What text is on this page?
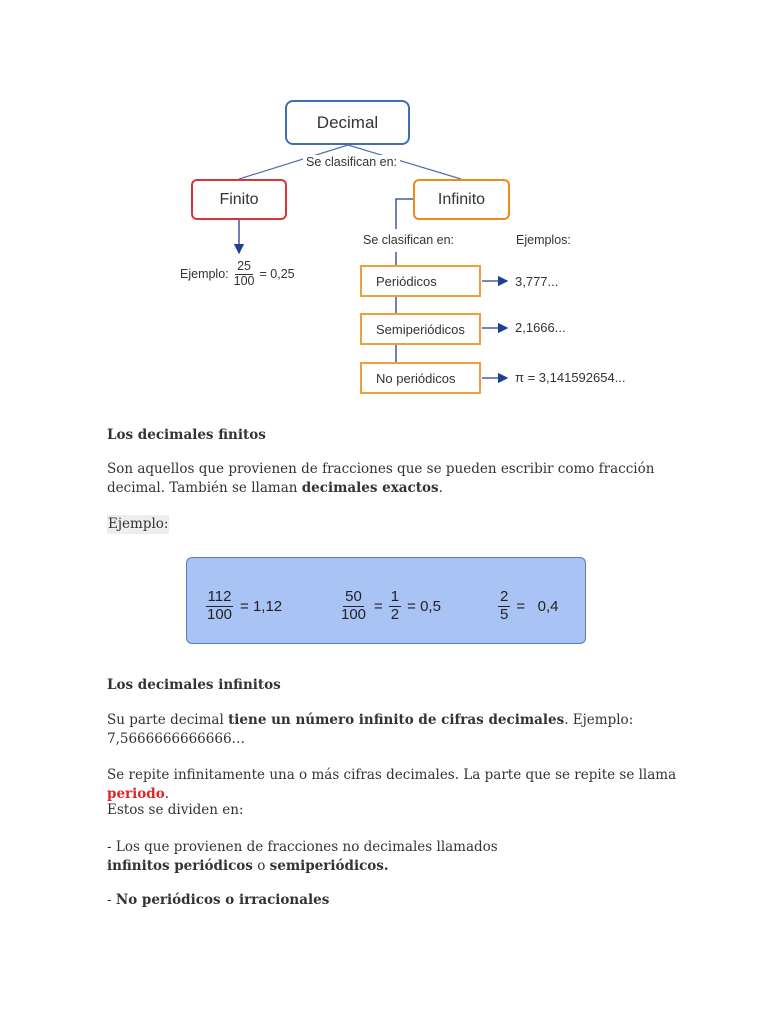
Decimal
Se clasifican en:
Finito	Infinito
Ejemplo: $\frac{25}{100} = 0,25$
Se clasifican en:	Ejemplos:
Periódicos
Semiperiódicos
No periódicos
3,777...
2,1666...
π = 3,141592654...
Los decimales finitos
Son aquellos que provienen de fracciones que se pueden escribir como fracción decimal. También se llaman decimales exactos.
Ejemplo:
$\frac{112}{100} = 1,12$	$\frac{50}{100} = \frac{1}{2} = 0,5$	$\frac{2}{5} = 0,4$
Los decimales infinitos
Su parte decimal tiene un número infinito de cifras decimales. Ejemplo: 7,5666666666666…
Se repite infinitamente una o más cifras decimales. La parte que se repite se llama periodo.
Estos se dividen en:
- Los que provienen de fracciones no decimales llamados infinitos periódicos o semiperiódicos.
- No periódicos o irracionales
